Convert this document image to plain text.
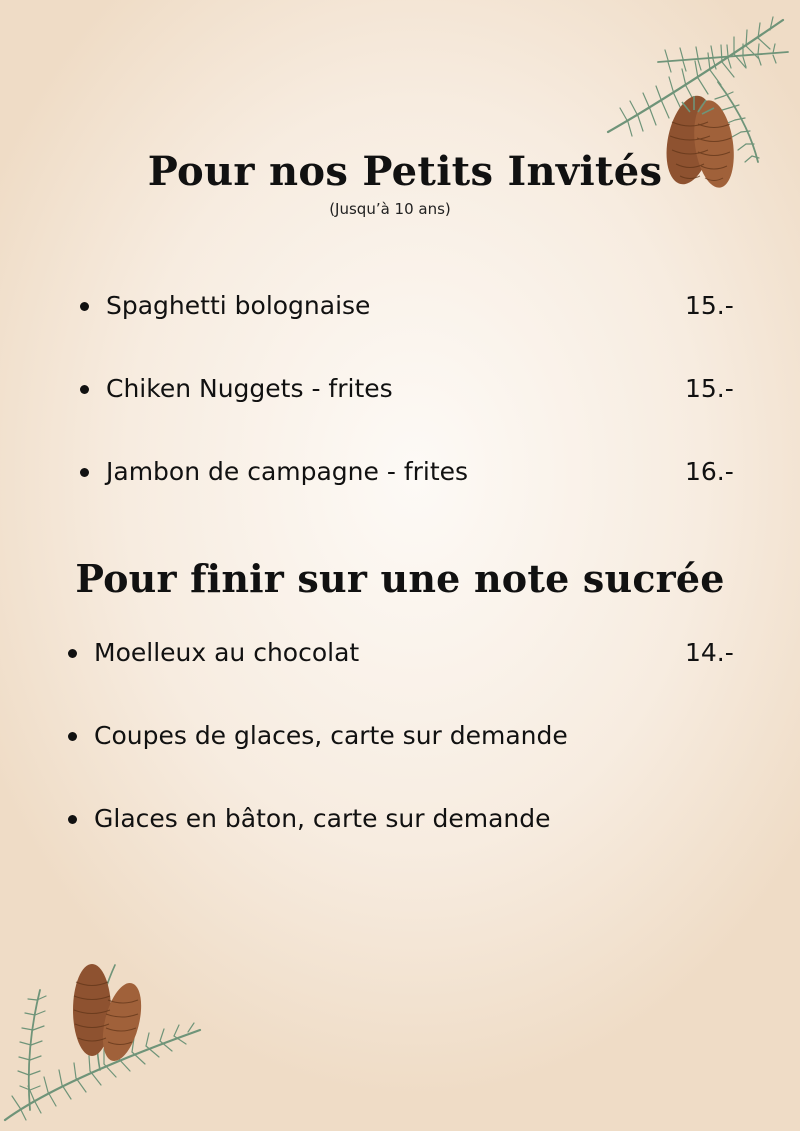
Pour nos Petits Invités
(Jusqu’à 10 ans)
Spaghetti bolognaise
Chiken Nuggets - frites
Jambon de campagne - frites
15.-
15.-
16.-
Pour finir sur une note sucrée
Moelleux au chocolat
Coupes de glaces, carte sur demande
Glaces en bâton, carte sur demande
14.-
